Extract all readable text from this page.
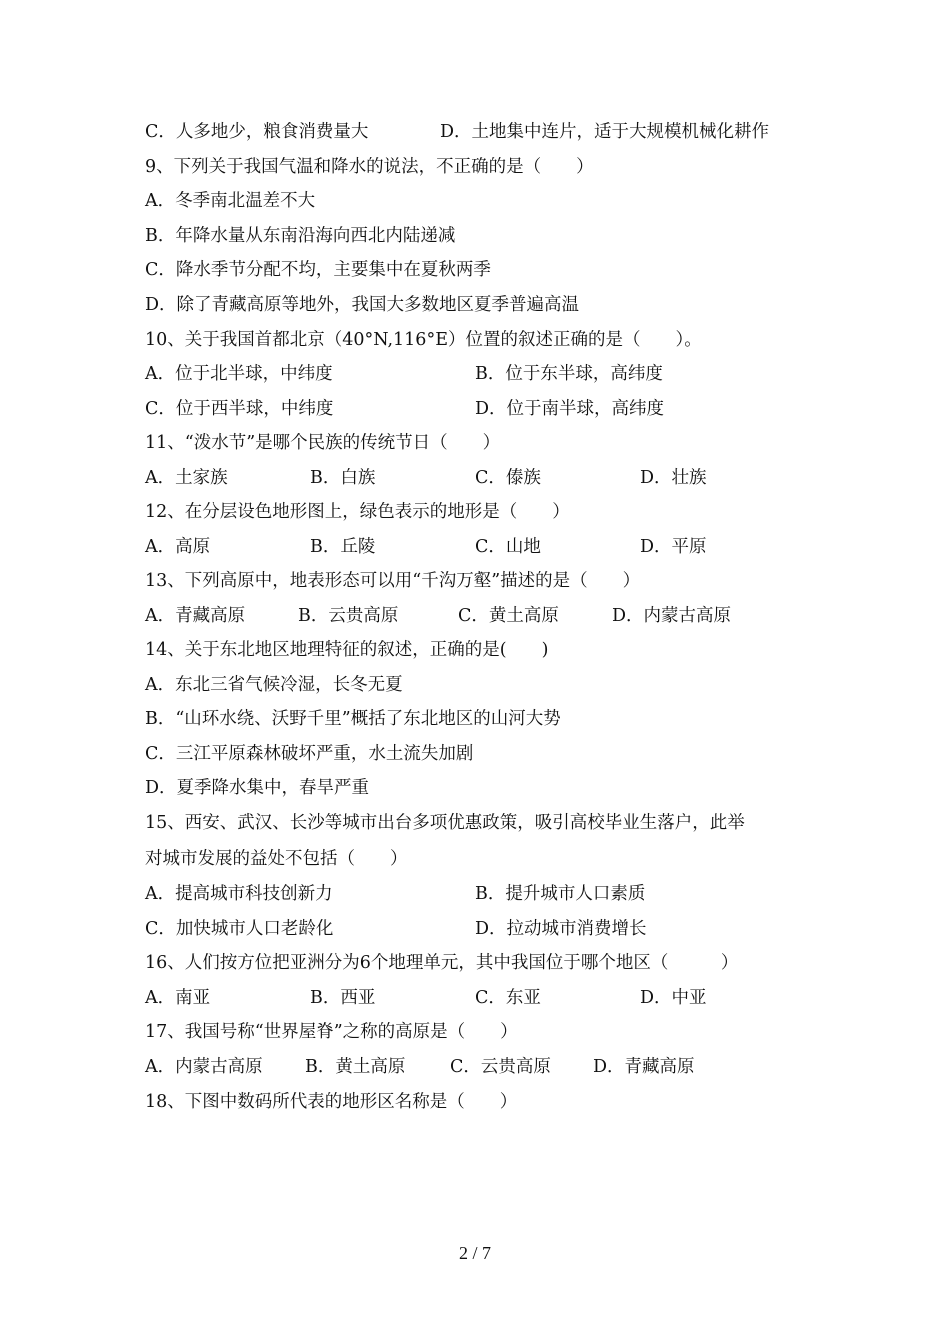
C．人多地少，粮食消费量大	D．土地集中连片，适于大规模机械化耕作
9、下列关于我国气温和降水的说法，不正确的是（　　）
A．冬季南北温差不大
B．年降水量从东南沿海向西北内陆递减
C．降水季节分配不均，主要集中在夏秋两季
D．除了青藏高原等地外，我国大多数地区夏季普遍高温
10、关于我国首都北京（40°N,116°E）位置的叙述正确的是（　　）。
A．位于北半球，中纬度	B．位于东半球，高纬度
C．位于西半球，中纬度	D．位于南半球，高纬度
11、“泼水节”是哪个民族的传统节日（　　）
A．土家族	B．白族	C．傣族	D．壮族
12、在分层设色地形图上，绿色表示的地形是（　　）
A．高原	B．丘陵	C．山地	D．平原
13、下列高原中，地表形态可以用“千沟万壑”描述的是（　　）
A．青藏高原	B．云贵高原	C．黄土高原	D．内蒙古高原
14、关于东北地区地理特征的叙述，正确的是(　　)
A．东北三省气候冷湿，长冬无夏
B．“山环水绕、沃野千里”概括了东北地区的山河大势
C．三江平原森林破坏严重，水土流失加剧
D．夏季降水集中，春旱严重
15、西安、武汉、长沙等城市出台多项优惠政策，吸引高校毕业生落户，此举
对城市发展的益处不包括（　　）
A．提高城市科技创新力	B．提升城市人口素质
C．加快城市人口老龄化	D．拉动城市消费增长
16、人们按方位把亚洲分为6个地理单元，其中我国位于哪个地区（　　　）
A．南亚	B．西亚	C．东亚	D．中亚
17、我国号称“世界屋脊”之称的高原是（　　）
A．内蒙古高原 B．黄土高原	C．云贵高原 D．青藏高原
18、下图中数码所代表的地形区名称是（　　）
2 / 7
